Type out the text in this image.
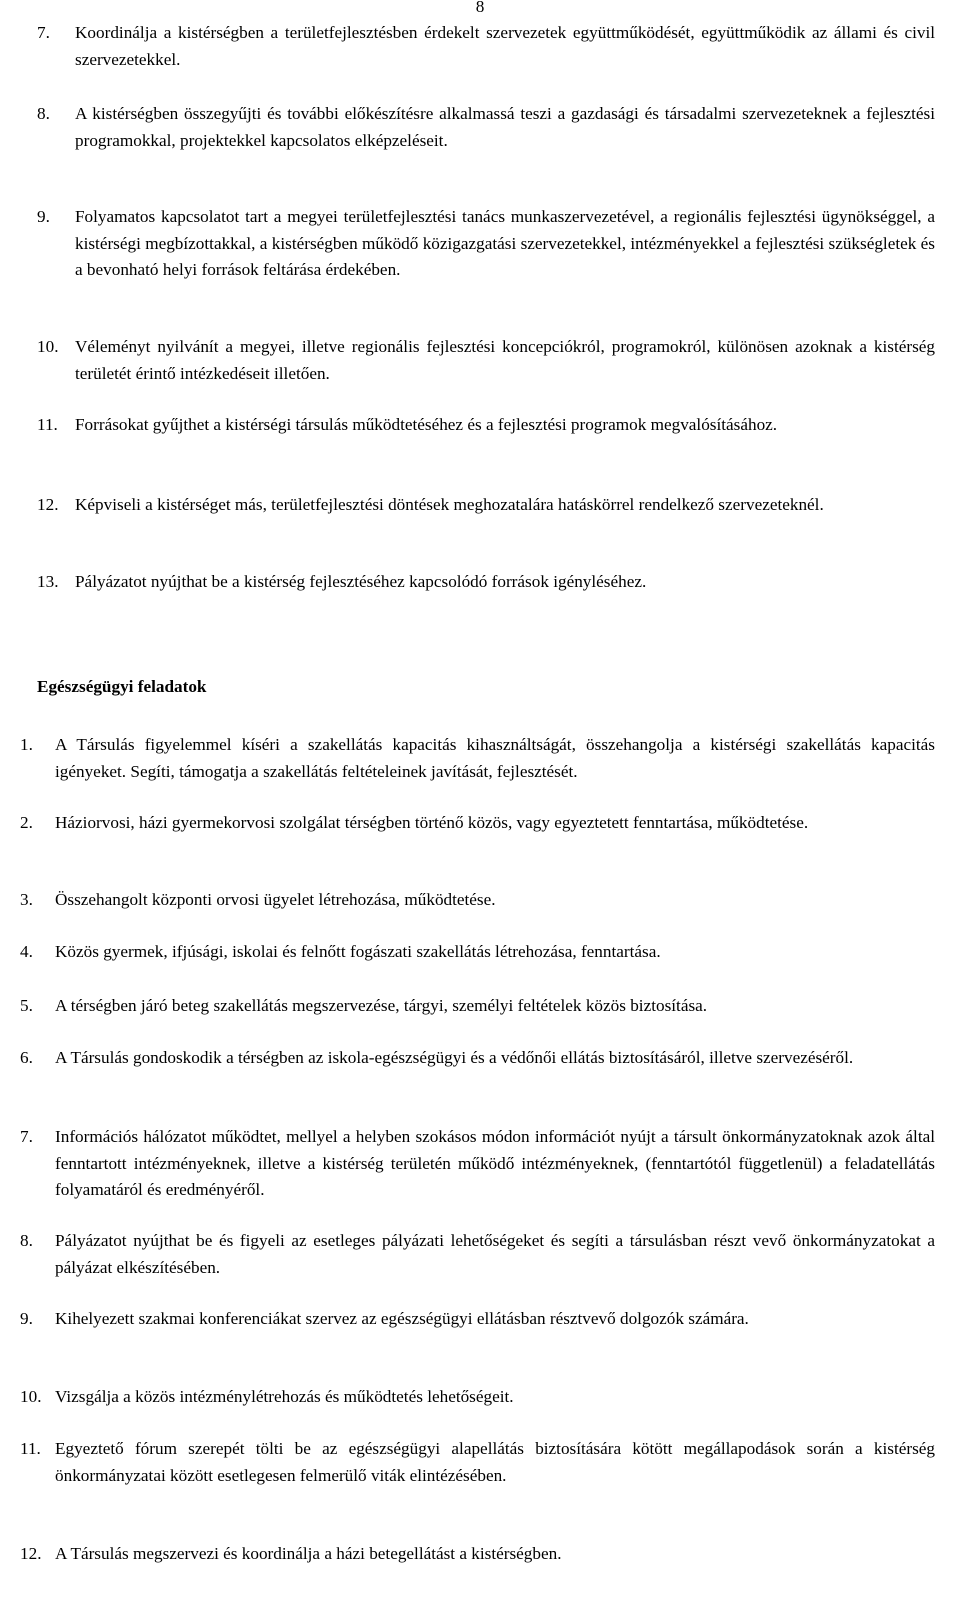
8
7. Koordinálja a kistérségben a területfejlesztésben érdekelt szervezetek együttműködését, együttműködik az állami és civil szervezetekkel.
8. A kistérségben összegyűjti és további előkészítésre alkalmassá teszi a gazdasági és társadalmi szervezeteknek a fejlesztési programokkal, projektekkel kapcsolatos elképzeléseit.
9. Folyamatos kapcsolatot tart a megyei területfejlesztési tanács munkaszervezetével, a regionális fejlesztési ügynökséggel, a kistérségi megbízottakkal, a kistérségben működő közigazgatási szervezetekkel, intézményekkel a fejlesztési szükségletek és a bevonható helyi források feltárása érdekében.
10. Véleményt nyilvánít a megyei, illetve regionális fejlesztési koncepciókról, programokról, különösen azoknak a kistérség területét érintő intézkedéseit illetően.
11. Forrásokat gyűjthet a kistérségi társulás működtetéséhez és a fejlesztési programok megvalósításához.
12. Képviseli a kistérséget más, területfejlesztési döntések meghozatalára hatáskörrel rendelkező szervezeteknél.
13. Pályázatot nyújthat be a kistérség fejlesztéséhez kapcsolódó források igényléséhez.
Egészségügyi feladatok
1. A Társulás figyelemmel kíséri a szakellátás kapacitás kihasználtságát, összehangolja a kistérségi szakellátás kapacitás igényeket. Segíti, támogatja a szakellátás feltételeinek javítását, fejlesztését.
2. Háziorvosi, házi gyermekorvosi szolgálat térségben történő közös, vagy egyeztetett fenntartása, működtetése.
3. Összehangolt központi orvosi ügyelet létrehozása, működtetése.
4. Közös gyermek, ifjúsági, iskolai és felnőtt fogászati szakellátás létrehozása, fenntartása.
5. A térségben járó beteg szakellátás megszervezése, tárgyi, személyi feltételek közös biztosítása.
6. A Társulás gondoskodik a térségben az iskola-egészségügyi és a védőnői ellátás biztosításáról, illetve szervezéséről.
7. Információs hálózatot működtet, mellyel a helyben szokásos módon információt nyújt a társult önkormányzatoknak azok által fenntartott intézményeknek, illetve a kistérség területén működő intézményeknek, (fenntartótól függetlenül) a feladatellátás folyamatáról és eredményéről.
8. Pályázatot nyújthat be és figyeli az esetleges pályázati lehetőségeket és segíti a társulásban részt vevő önkormányzatokat a pályázat elkészítésében.
9. Kihelyezett szakmai konferenciákat szervez az egészségügyi ellátásban résztvevő dolgozók számára.
10. Vizsgálja a közös intézménylétrehozás és működtetés lehetőségeit.
11. Egyeztető fórum szerepét tölti be az egészségügyi alapellátás biztosítására kötött megállapodások során a kistérség önkormányzatai között esetlegesen felmerülő viták elintézésében.
12. A Társulás megszervezi és koordinálja a házi betegellátást a kistérségben.
